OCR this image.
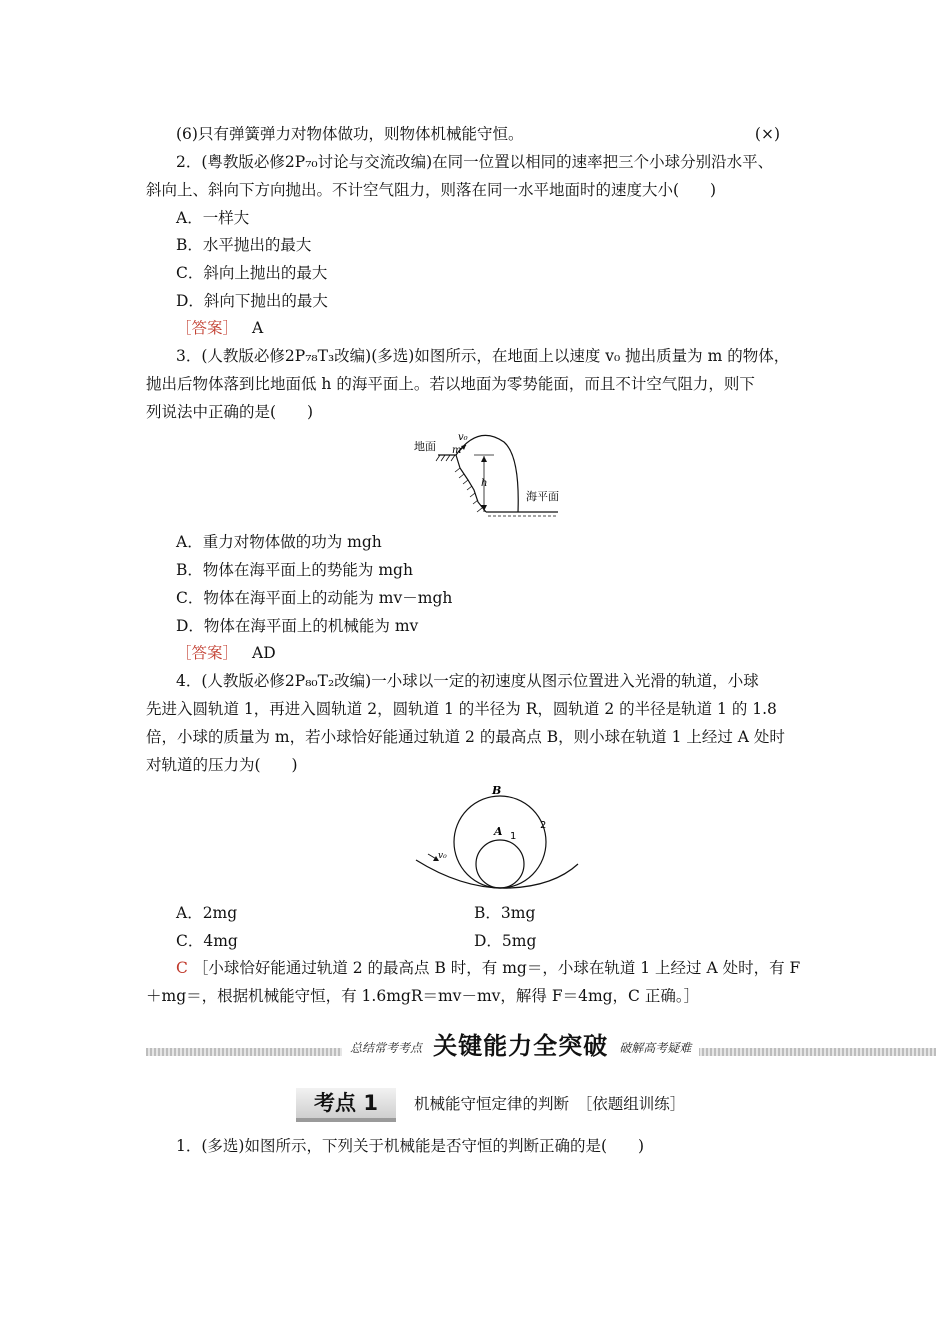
(6)只有弹簧弹力对物体做功，则物体机械能守恒。	(×)
2．(粤教版必修2P₇₀讨论与交流改编)在同一位置以相同的速率把三个小球分别沿水平、
斜向上、斜向下方向抛出。不计空气阻力，则落在同一水平地面时的速度大小(　　)
A．一样大
B．水平抛出的最大
C．斜向上抛出的最大
D．斜向下抛出的最大
［答案］ A
3．(人教版必修2P₇₈T₃改编)(多选)如图所示，在地面上以速度 v₀ 抛出质量为 m 的物体，
抛出后物体落到比地面低 h 的海平面上。若以地面为零势能面，而且不计空气阻力，则下
列说法中正确的是(　　)
地面 m
v₀
h
海平面
A．重力对物体做的功为 mgh
B．物体在海平面上的势能为 mgh
C．物体在海平面上的动能为 mv－mgh
D．物体在海平面上的机械能为 mv
［答案］ AD
4．(人教版必修2P₈₀T₂改编)一小球以一定的初速度从图示位置进入光滑的轨道，小球
先进入圆轨道 1，再进入圆轨道 2，圆轨道 1 的半径为 R，圆轨道 2 的半径是轨道 1 的 1.8
倍，小球的质量为 m，若小球恰好能通过轨道 2 的最高点 B，则小球在轨道 1 上经过 A 处时
对轨道的压力为(　　)
B
A 1
2
v₀
A．2mg	B．3mg
C．4mg	D．5mg
C ［小球恰好能通过轨道 2 的最高点 B 时，有 mg＝，小球在轨道 1 上经过 A 处时，有 F
＋mg＝，根据机械能守恒，有 1.6mgR＝mv－mv，解得 F＝4mg，C 正确。］
总结常考考点 关键能力全突破 破解高考疑难
考点 1	机械能守恒定律的判断　［依题组训练］
1．(多选)如图所示，下列关于机械能是否守恒的判断正确的是(　　)
